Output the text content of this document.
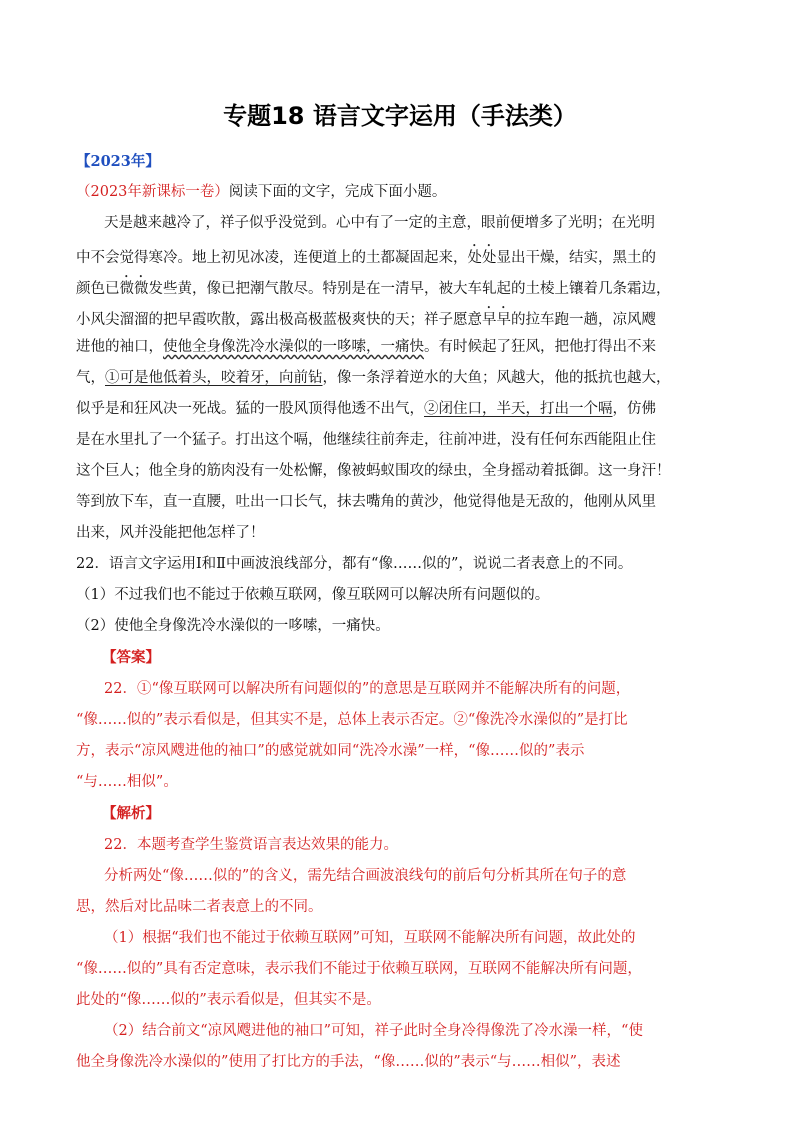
专题18 语言文字运用（手法类）
【2023年】
（2023年新课标一卷）阅读下面的文字，完成下面小题。
天是越来越冷了，祥子似乎没觉到。心中有了一定的主意，眼前便增多了光明；在光明
中不会觉得寒冷。地上初见冰凌，连便道上的土都凝固起来，处处显出干燥，结实，黑土的
颜色已微微发些黄，像已把潮气散尽。特别是在一清早，被大车轧起的土棱上镶着几条霜边，
小风尖溜溜的把早霞吹散，露出极高极蓝极爽快的天；祥子愿意早早的拉车跑一趟，凉风飕
进他的袖口，使他全身像洗冷水澡似的一哆嗦，一痛快。有时候起了狂风，把他打得出不来
气，①可是他低着头，咬着牙，向前钻，像一条浮着逆水的大鱼；风越大，他的抵抗也越大，
似乎是和狂风决一死战。猛的一股风顶得他透不出气，②闭住口，半天，打出一个嗝，仿佛
是在水里扎了一个猛子。打出这个嗝，他继续往前奔走，往前冲进，没有任何东西能阻止住
这个巨人；他全身的筋肉没有一处松懈，像被蚂蚁围攻的绿虫，全身摇动着抵御。这一身汗！
等到放下车，直一直腰，吐出一口长气，抹去嘴角的黄沙，他觉得他是无敌的，他刚从风里
出来，风并没能把他怎样了！
22．语言文字运用Ⅰ和Ⅱ中画波浪线部分，都有“像……似的”，说说二者表意上的不同。
（1）不过我们也不能过于依赖互联网，像互联网可以解决所有问题似的。
（2）使他全身像洗冷水澡似的一哆嗦，一痛快。
【答案】
22．①“像互联网可以解决所有问题似的”的意思是互联网并不能解决所有的问题，
“像……似的”表示看似是，但其实不是，总体上表示否定。②“像洗冷水澡似的”是打比
方，表示“凉风飕进他的袖口”的感觉就如同“洗冷水澡”一样，“像……似的”表示
“与……相似”。
【解析】
22．本题考查学生鉴赏语言表达效果的能力。
分析两处“像……似的”的含义，需先结合画波浪线句的前后句分析其所在句子的意
思，然后对比品味二者表意上的不同。
（1）根据“我们也不能过于依赖互联网”可知，互联网不能解决所有问题，故此处的
“像……似的”具有否定意味，表示我们不能过于依赖互联网，互联网不能解决所有问题，
此处的“像……似的”表示看似是，但其实不是。
（2）结合前文“凉风飕进他的袖口”可知，祥子此时全身冷得像洗了冷水澡一样，“使
他全身像洗冷水澡似的”使用了打比方的手法，“像……似的”表示“与……相似”，表述
